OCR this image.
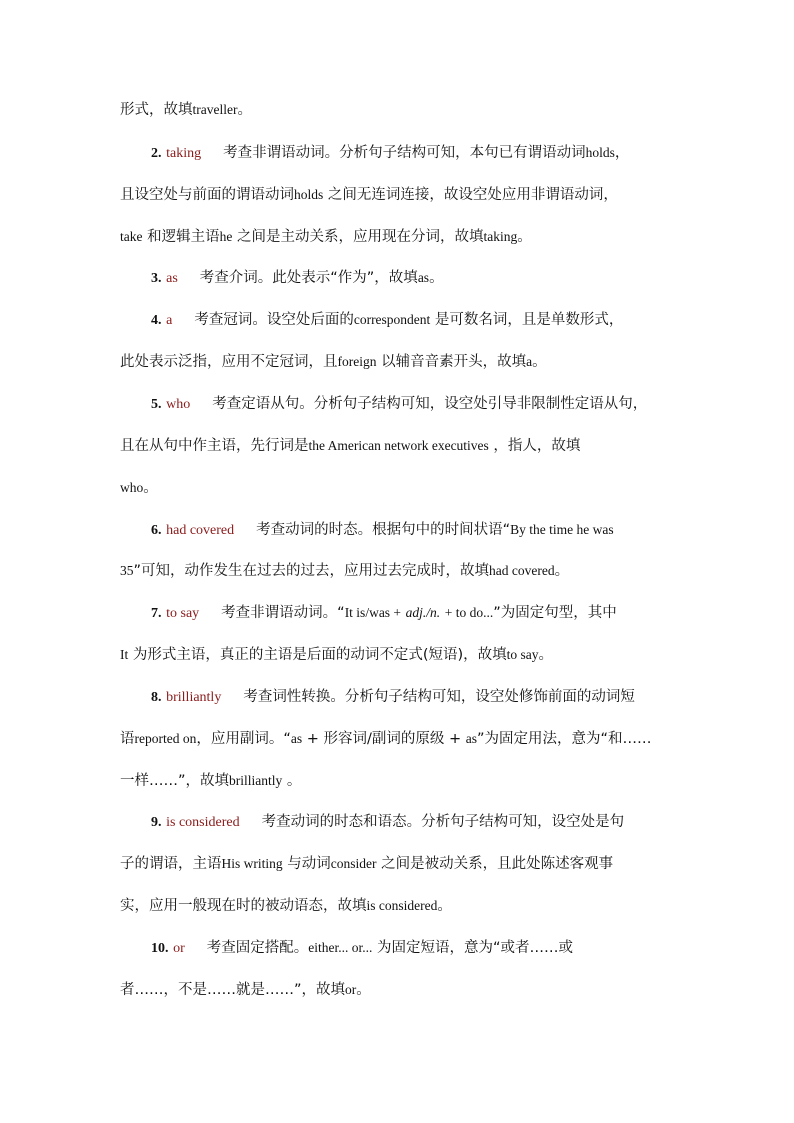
形式，故填traveller。
2. taking 考查非谓语动词。分析句子结构可知，本句已有谓语动词holds，
且设空处与前面的谓语动词holds 之间无连词连接，故设空处应用非谓语动词，
take 和逻辑主语he 之间是主动关系，应用现在分词，故填taking。
3. as 考查介词。此处表示“作为”，故填as。
4. a 考查冠词。设空处后面的correspondent 是可数名词，且是单数形式，
此处表示泛指，应用不定冠词，且foreign 以辅音音素开头，故填a。
5. who 考查定语从句。分析句子结构可知，设空处引导非限制性定语从句，
且在从句中作主语，先行词是the American network executives ，指人，故填
who。
6. had covered 考查动词的时态。根据句中的时间状语“By the time he was
35”可知，动作发生在过去的过去，应用过去完成时，故填had covered。
7. to say 考查非谓语动词。“It is/was + adj./n. + to do...”为固定句型，其中
It 为形式主语，真正的主语是后面的动词不定式(短语)，故填to say。
8. brilliantly 考查词性转换。分析句子结构可知，设空处修饰前面的动词短
语reported on，应用副词。“as + 形容词/副词的原级 + as”为固定用法，意为“和……
一样……”，故填brilliantly 。
9. is considered 考查动词的时态和语态。分析句子结构可知，设空处是句
子的谓语，主语His writing 与动词consider 之间是被动关系，且此处陈述客观事
实，应用一般现在时的被动语态，故填is considered。
10. or 考查固定搭配。either... or... 为固定短语，意为“或者……或
者……，不是……就是……”，故填or。
